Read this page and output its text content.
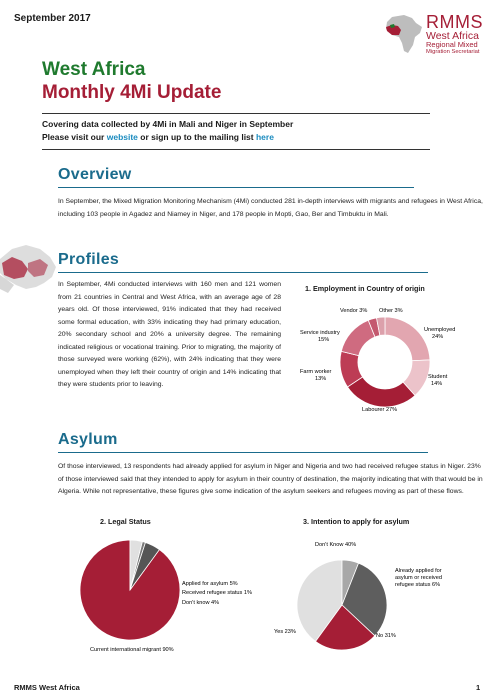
September 2017	RMMS
West Africa
Regional Mixed
Migration Secretariat
West Africa
Monthly 4Mi Update
Covering data collected by 4Mi in Mali and Niger in September
Please visit our website or sign up to the mailing list here
Overview
In September, the Mixed Migration Monitoring Mechanism (4Mi) conducted 281 in-depth interviews with migrants and refugees in West Africa, including 103 people in Agadez and Niamey in Niger, and 178 people in Mopti, Gao, Ber and Timbuktu in Mali.
Profiles
In September, 4Mi conducted interviews with 160 men and 121 women from 21 countries in Central and West Africa, with an average age of 28 years old. Of those interviewed, 91% indicated that they had received some formal education, with 33% indicating they had primary education, 20% secondary school and 20% a university degree. The remaining indicated religious or vocational training. Prior to migrating, the majority of those surveyed were working (62%), with 24% indicating that they were unemployed when they left their country of origin and 14% indicating that they were students prior to leaving.
1. Employment in Country of origin
Unemployed
24%
Student
14%
Labourer 27%
Farm worker
13%
Service industry
15%
Vendor 3% Other 3%
Asylum
Of those interviewed, 13 respondents had already applied for asylum in Niger and Nigeria and two had received refugee status in Niger. 23% of those interviewed said that they intended to apply for asylum in their country of destination, the majority indicating that with that would be in Algeria. While not representative, these figures give some indication of the asylum seekers and refugees moving as part of these flows.
2. Legal Status
Applied for asylum 5%
Received refugee status 1%
Don't know 4%
Current international migrant 90%
3. Intention to apply for asylum
Don't Know 40%
Already applied for
asylum or received
refugee status 6%
No 31%
Yes 23%
RMMS West Africa	1
